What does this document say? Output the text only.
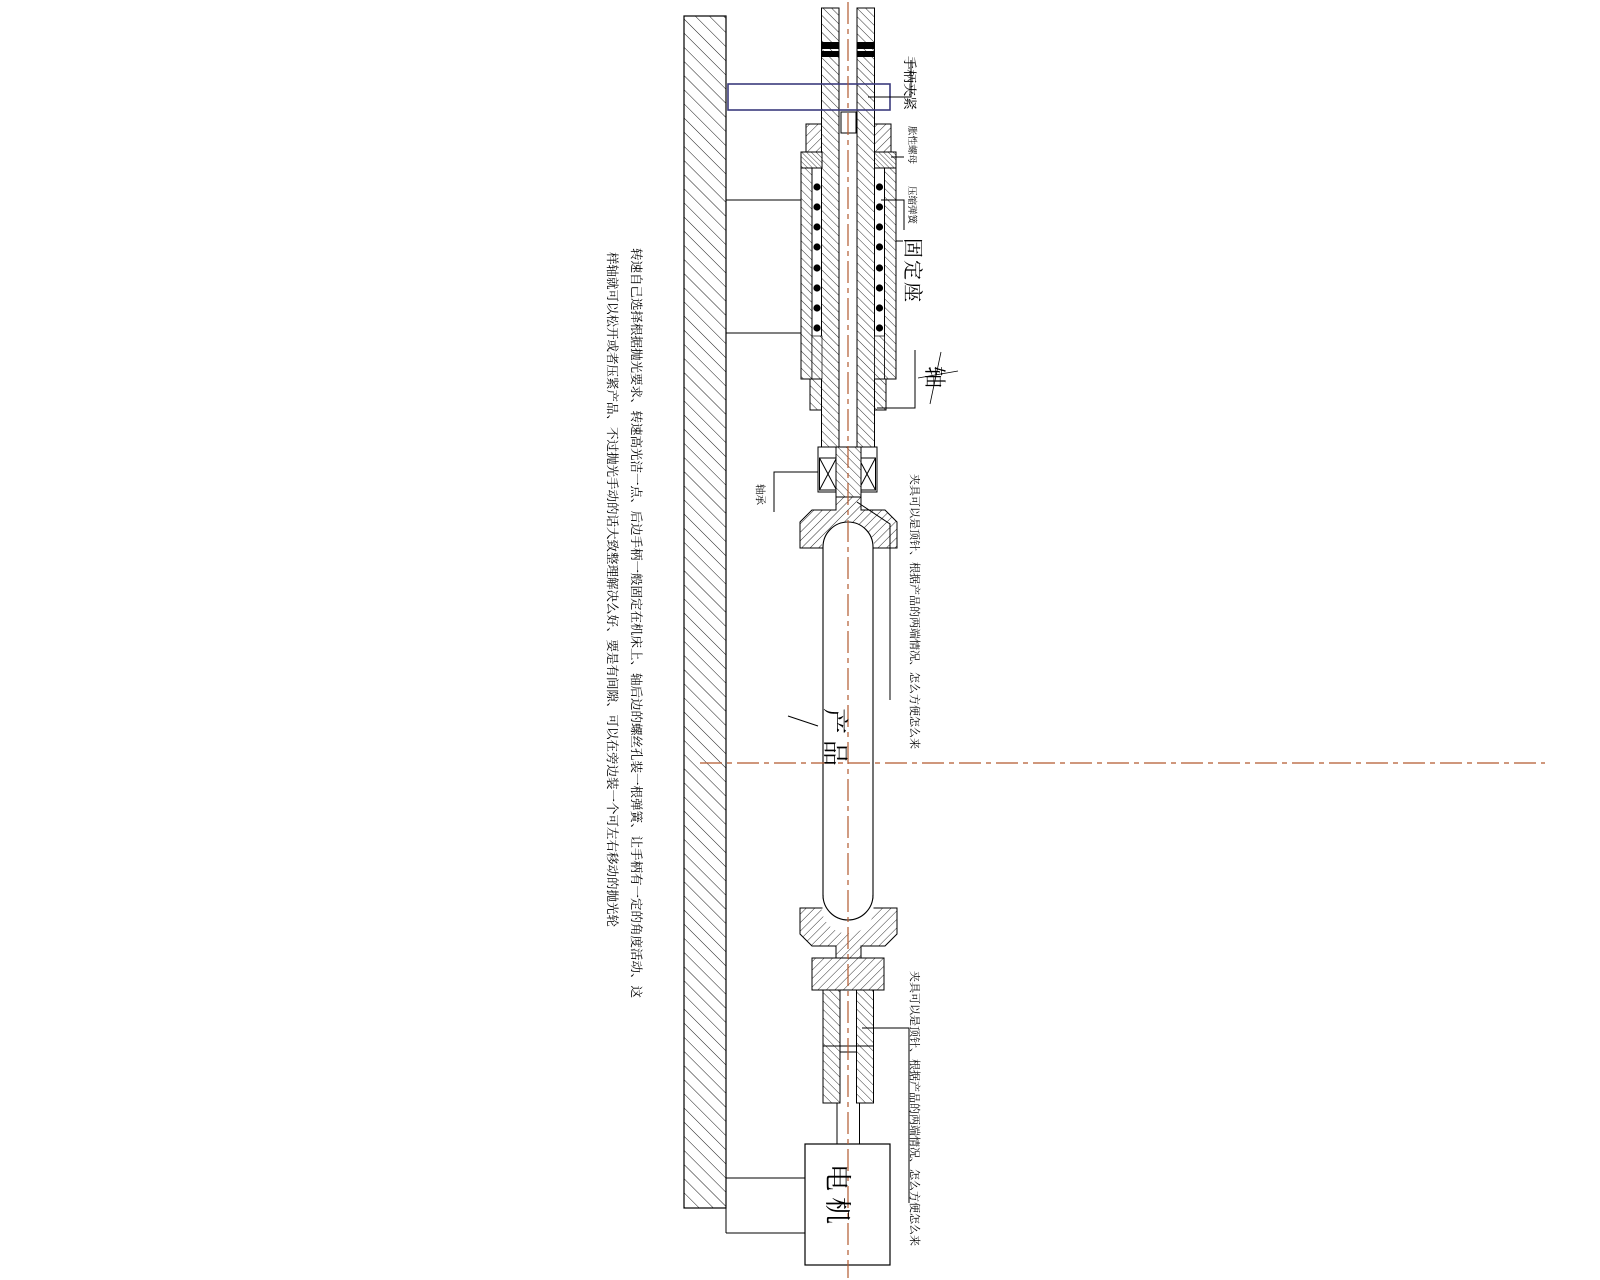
手柄夹紧
胀性螺母
压缩弹簧
固定座
轴
轴承	夹具可以是顶针、根据产品的两端情况、怎么方便怎么来
夹具可以是顶针、根据产品的两端情况、怎么方便怎么来
转速自己选择根据抛光要求、转速高光洁一点、后边手柄一般固定在机床上、轴后边的螺丝孔装一根弹簧、让手柄有一定的角度活动、这
样轴就可以松开或者压紧产品、不过抛光手动的话大致整理解决么好、要是有间隙、可以在旁边装一个可左右移动的抛光轮	产品
电机
